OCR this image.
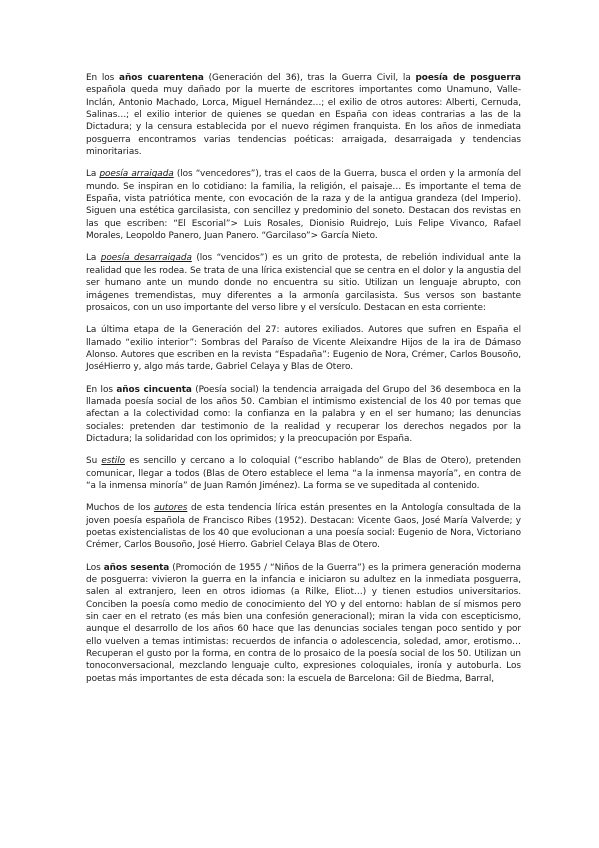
En los años cuarentena (Generación del 36), tras la Guerra Civil, la poesía de posguerra española queda muy dañado por la muerte de escritores importantes como Unamuno, Valle-Inclán, Antonio Machado, Lorca, Miguel Hernández…; el exilio de otros autores: Alberti, Cernuda, Salinas…; el exilio interior de quienes se quedan en España con ideas contrarias a las de la Dictadura; y la censura establecida por el nuevo régimen franquista. En los años de inmediata posguerra encontramos varias tendencias poéticas: arraigada, desarraigada y tendencias minoritarias.

La poesía arraigada (los “vencedores”), tras el caos de la Guerra, busca el orden y la armonía del mundo. Se inspiran en lo cotidiano: la familia, la religión, el paisaje… Es importante el tema de España, vista patriótica mente, con evocación de la raza y de la antigua grandeza (del Imperio). Siguen una estética garcilasista, con sencillez y predominio del soneto. Destacan dos revistas en las que escriben: “El Escorial”> Luis Rosales, Dionisio Ruidrejo, Luis Felipe Vivanco, Rafael Morales, Leopoldo Panero, Juan Panero. “Garcilaso”> García Nieto.

La poesía desarraigada (los “vencidos”) es un grito de protesta, de rebelión individual ante la realidad que les rodea. Se trata de una lírica existencial que se centra en el dolor y la angustia del ser humano ante un mundo donde no encuentra su sitio. Utilizan un lenguaje abrupto, con imágenes tremendistas, muy diferentes a la armonía garcilasista. Sus versos son bastante prosaicos, con un uso importante del verso libre y el versículo. Destacan en esta corriente:

La última etapa de la Generación del 27: autores exiliados. Autores que sufren en España el llamado “exilio interior”: Sombras del Paraíso de Vicente Aleixandre Hijos de la ira de Dámaso Alonso. Autores que escriben en la revista “Espadaña”: Eugenio de Nora, Crémer, Carlos Bousoño, JoséHierro y, algo más tarde, Gabriel Celaya y Blas de Otero.

En los años cincuenta (Poesía social) la tendencia arraigada del Grupo del 36 desemboca en la llamada poesía social de los años 50. Cambian el intimismo existencial de los 40 por temas que afectan a la colectividad como: la confianza en la palabra y en el ser humano; las denuncias sociales: pretenden dar testimonio de la realidad y recuperar los derechos negados por la Dictadura; la solidaridad con los oprimidos; y la preocupación por España.

Su estilo es sencillo y cercano a lo coloquial (“escribo hablando” de Blas de Otero), pretenden comunicar, llegar a todos (Blas de Otero establece el lema “a la inmensa mayoría”, en contra de “a la inmensa minoría” de Juan Ramón Jiménez). La forma se ve supeditada al contenido.

Muchos de los autores de esta tendencia lírica están presentes en la Antología consultada de la joven poesía española de Francisco Ribes (1952). Destacan: Vicente Gaos, José María Valverde; y poetas existencialistas de los 40 que evolucionan a una poesía social: Eugenio de Nora, Victoriano Crémer, Carlos Bousoño, José Hierro. Gabriel Celaya Blas de Otero.

Los años sesenta (Promoción de 1955 / “Niños de la Guerra”) es la primera generación moderna de posguerra: vivieron la guerra en la infancia e iniciaron su adultez en la inmediata posguerra, salen al extranjero, leen en otros idiomas (a Rilke, Eliot…) y tienen estudios universitarios. Conciben la poesía como medio de conocimiento del YO y del entorno: hablan de sí mismos pero sin caer en el retrato (es más bien una confesión generacional); miran la vida con escepticismo, aunque el desarrollo de los años 60 hace que las denuncias sociales tengan poco sentido y por ello vuelven a temas intimistas: recuerdos de infancia o adolescencia, soledad, amor, erotismo… Recuperan el gusto por la forma, en contra de lo prosaico de la poesía social de los 50. Utilizan un tonoconversacional, mezclando lenguaje culto, expresiones coloquiales, ironía y autoburla. Los poetas más importantes de esta década son: la escuela de Barcelona: Gil de Biedma, Barral,
